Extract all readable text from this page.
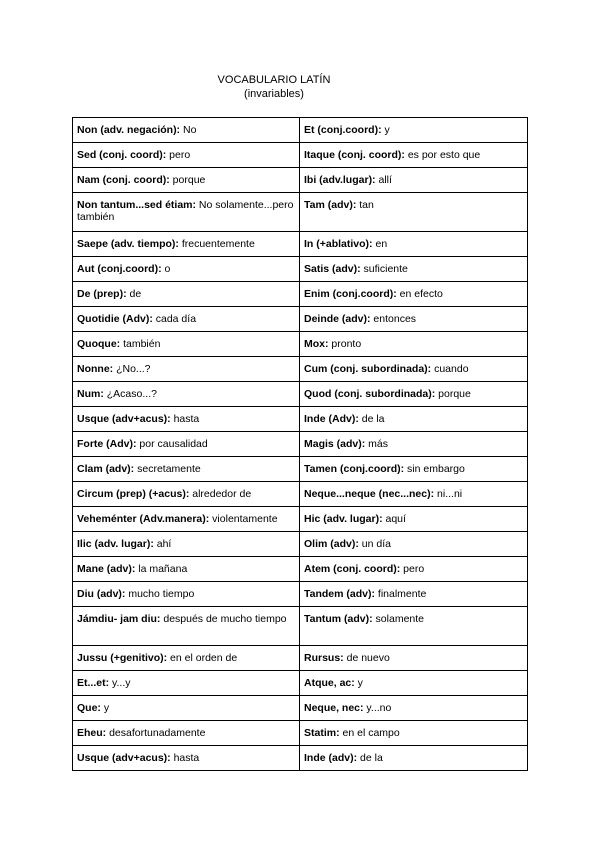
VOCABULARIO LATÍN
(invariables)
Non (adv. negación): No	Et (conj.coord): y
Sed (conj. coord): pero	Itaque (conj. coord): es por esto que
Nam (conj. coord): porque	Ibi (adv.lugar): allí
Non tantum...sed étiam: No solamente...pero también	Tam (adv): tan
Saepe (adv. tiempo): frecuentemente	In (+ablativo): en
Aut (conj.coord): o	Satis (adv): suficiente
De (prep): de	Enim (conj.coord): en efecto
Quotidie (Adv): cada día	Deinde (adv): entonces
Quoque: también	Mox: pronto
Nonne: ¿No...?	Cum (conj. subordinada): cuando
Num: ¿Acaso...?	Quod (conj. subordinada): porque
Usque (adv+acus): hasta	Inde (Adv): de la
Forte (Adv): por causalidad	Magis (adv): más
Clam (adv): secretamente	Tamen (conj.coord): sin embargo
Circum (prep) (+acus): alrededor de	Neque...neque (nec...nec): ni...ni
Veheménter (Adv.manera): violentamente	Hic (adv. lugar): aquí
Ilic (adv. lugar): ahí	Olim (adv): un día
Mane (adv): la mañana	Atem (conj. coord): pero
Diu (adv): mucho tiempo	Tandem (adv): finalmente
Jámdiu- jam diu: después de mucho tiempo	Tantum (adv): solamente
Jussu (+genitivo): en el orden de	Rursus: de nuevo
Et...et: y...y	Atque, ac: y
Que: y	Neque, nec: y...no
Eheu: desafortunadamente	Statim: en el campo
Usque (adv+acus): hasta	Inde (adv): de la
